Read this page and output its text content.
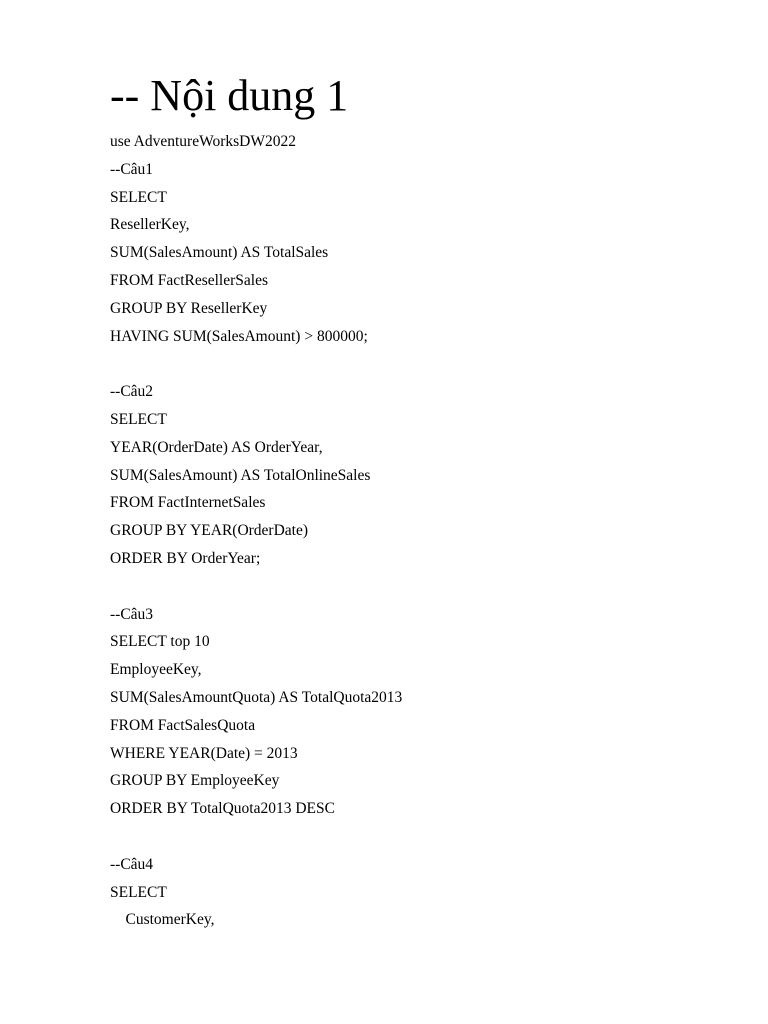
-- Nội dung 1
use AdventureWorksDW2022
--Câu1
SELECT
ResellerKey,
SUM(SalesAmount) AS TotalSales
FROM FactResellerSales
GROUP BY ResellerKey
HAVING SUM(SalesAmount) > 800000;
--Câu2
SELECT
YEAR(OrderDate) AS OrderYear,
SUM(SalesAmount) AS TotalOnlineSales
FROM FactInternetSales
GROUP BY YEAR(OrderDate)
ORDER BY OrderYear;
--Câu3
SELECT top 10
EmployeeKey,
SUM(SalesAmountQuota) AS TotalQuota2013
FROM FactSalesQuota
WHERE YEAR(Date) = 2013
GROUP BY EmployeeKey
ORDER BY TotalQuota2013 DESC
--Câu4
SELECT
CustomerKey,
